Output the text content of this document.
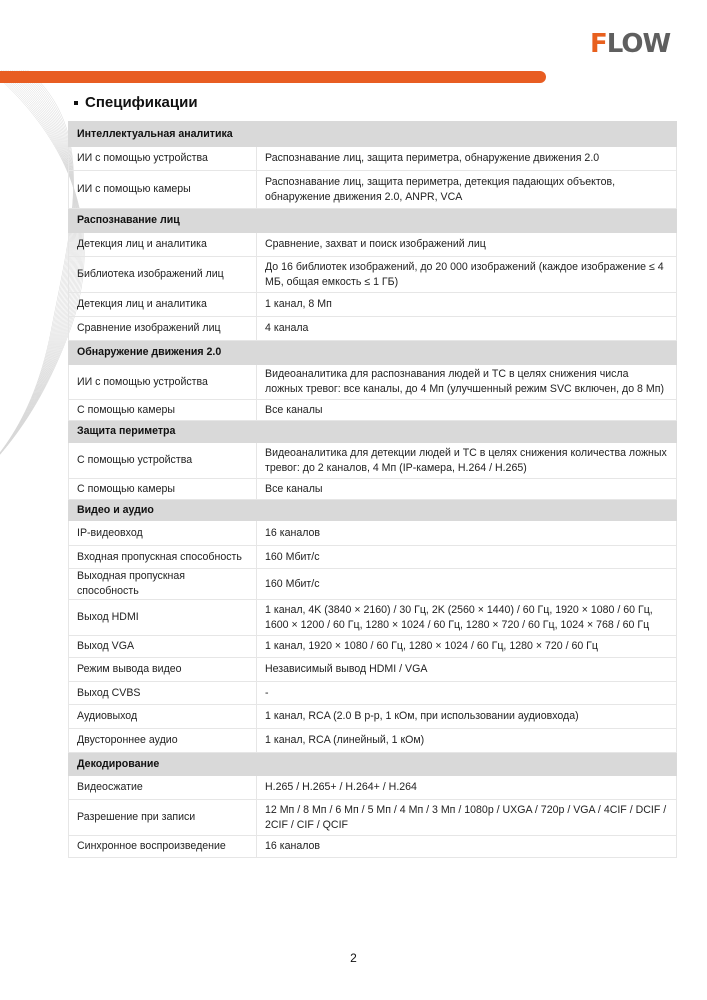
F LOW
Спецификации
Интеллектуальная аналитика	
ИИ с помощью устройства	Распознавание лиц, защита периметра, обнаружение движения 2.0
ИИ с помощью камеры	Распознавание лиц, защита периметра, детекция падающих объектов, обнаружение движения 2.0, ANPR, VCA
Распознавание лиц	
Детекция лиц и аналитика	Сравнение, захват и поиск изображений лиц
Библиотека изображений лиц	До 16 библиотек изображений, до 20 000 изображений (каждое изображение ≤ 4 МБ, общая емкость ≤ 1 ГБ)
Детекция лиц и аналитика	1 канал, 8 Мп
Сравнение изображений лиц	4 канала
Обнаружение движения 2.0	
ИИ с помощью устройства	Видеоаналитика для распознавания людей и ТС в целях снижения числа ложных тревог: все каналы, до 4 Мп (улучшенный режим SVC включен, до 8 Мп)
С помощью камеры	Все каналы
Защита периметра	
С помощью устройства	Видеоаналитика для детекции людей и ТС в целях снижения количества ложных тревог: до 2 каналов, 4 Мп (IP-камера, H.264 / H.265)
С помощью камеры	Все каналы
Видео и аудио	
IP-видеовход	16 каналов
Входная пропускная способность	160 Мбит/с
Выходная пропускная способность	160 Мбит/с
Выход HDMI	1 канал, 4K (3840 × 2160) / 30 Гц, 2K (2560 × 1440) / 60 Гц, 1920 × 1080 / 60 Гц, 1600 × 1200 / 60 Гц, 1280 × 1024 / 60 Гц, 1280 × 720 / 60 Гц, 1024 × 768 / 60 Гц
Выход VGA	1 канал, 1920 × 1080 / 60 Гц, 1280 × 1024 / 60 Гц, 1280 × 720 / 60 Гц
Режим вывода видео	Независимый вывод HDMI / VGA
Выход CVBS	-
Аудиовыход	1 канал, RCA (2.0 В p-p, 1 кОм, при использовании аудиовхода)
Двустороннее аудио	1 канал, RCA (линейный, 1 кОм)
Декодирование	
Видеосжатие	H.265 / H.265+ / H.264+ / H.264
Разрешение при записи	12 Мп / 8 Мп / 6 Мп / 5 Мп / 4 Мп / 3 Мп / 1080p / UXGA / 720p / VGA / 4CIF / DCIF / 2CIF / CIF / QCIF
Синхронное воспроизведение	16 каналов
2
